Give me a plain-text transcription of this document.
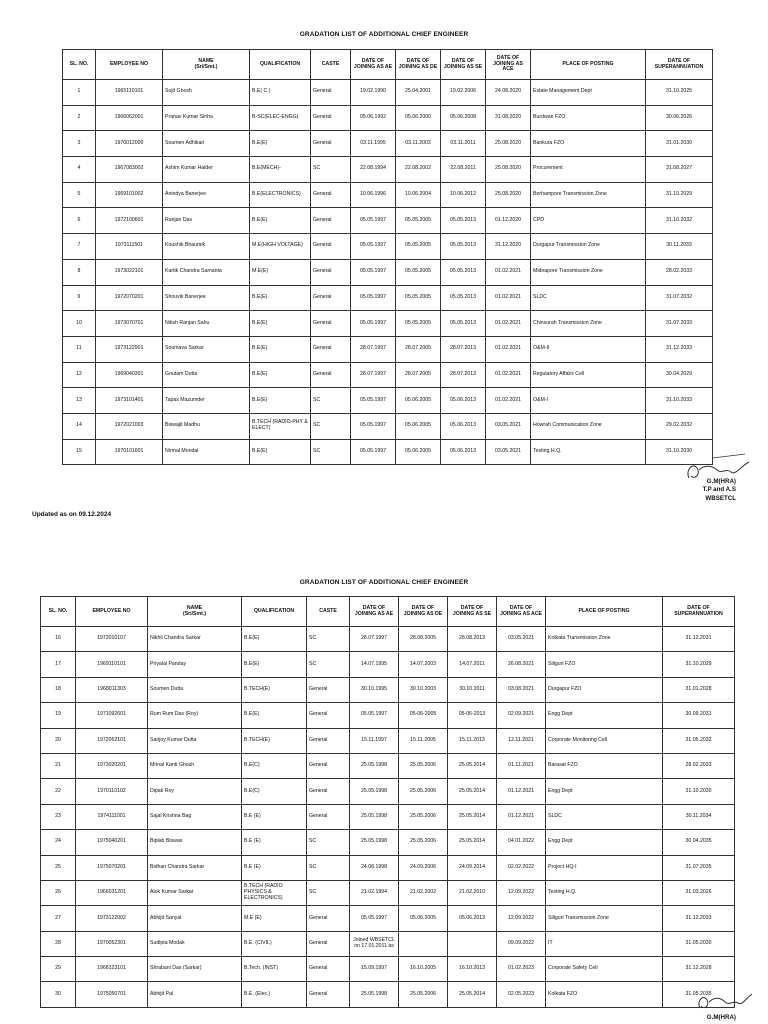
GRADATION LIST OF ADDITIONAL CHIEF ENGINEER
SL. NO.	EMPLOYEE NO	NAME
(Sri/Smt.)	QUALIFICATION	CASTE	DATE OF JOINING AS AE	DATE OF JOINING AS DE	DATE OF JOINING AS SE	DATE OF JOINING AS ACE	PLACE OF POSTING	DATE OF SUPERANNUATION
1	1965110101	Sujit Ghosh	B.E( C )	General	19.02.1990	25.04.2001	19.02.2006	24.08.2020	Estate Management Dept	31.10.2025
2	1966062001	Pranav Kumar Sinha	B-SC(ELEC-ENGG)	General	05.06.1992	05.06.2000	05.06.2008	31.08.2020	Burdwan FZO	30.06.2026
3	1970012000	Soumen Adhikari	B.E(E)	General	03.11.1995	03.11.2003	03.11.2011	25.08.2020	Bankura FZO	31.01.2030
4	1967083002	Ashim Kumar Halder	B.E(MECH)-	SC	22.08.1994	22.08.2002	22.08.2011	25.08.2020	Procurement	31.08.2027
5	1969101002	Anindya Banerjee	B.E(ELECTRONICS)	General	10.06.1996	10.06.2004	10.06.2012	25.08.2020	Berhampore Transmission Zone	31.10.2029
6	1972100601	Ranjan Das	B.E(E)	General	05.05.1997	05.05.2005	05.05.2013	01.12.2020	CPD	31.10.2032
7	1973111501	Koushik Bhaumik	M.E(HIGH VOLTAGE)	General	05.05.1997	05.05.2005	05.05.2013	31.12.2020	Durgapur Transmission Zone	30.11.2033
8	1973022101	Kartik Chandra Samanta	M.E(E)	General	05.05.1997	05.05.2005	05.05.2013	01.02.2021	Midnapore Transmission Zone	28.02.2033
9	1972070201	Shouvik Banerjee	B.E(E)	General	05.05.1997	05.05.2005	05.05.2013	01.02.2021	SLDC	31.07.2032
10	1973070701	Nitish Ranjan Sahu	B.E(E)	General	05.05.1997	05.05.2005	05.05.2013	01.02.2021	Chinsurah Transmission Zone	31.07.2033
11	1973122901	Soumava Sarkar	B.E(E)	General	28.07.1997	28.07.2005	28.07.2013	01.02.2021	O&M-II	31.12.2033
12	1969040301	Goutam Dutta	B.E(E)	General	28.07.1997	28.07.2005	28.07.2013	01.02.2021	Regulatory Affairs Cell	30.04.2029
13	1973101401	Tapas Mazumder	B.E(E)	SC	05.05.1997	05.06.2005	05.06.2013	01.02.2021	O&M-I	31.10.2033
14	1972021003	Biswajit Madhu	B.TECH (RADIO-PHY & ELECT)	SC	05.05.1997	05.06.2005	05.06.2013	03.05.2021	Howrah Communication Zone	29.02.2032
15	1970101601	Nirmal Mondal	B.E(E)	SC	05.05.1997	05.06.2005	05.06.2013	03.05.2021	Testing H.Q.	31.10.2030
Updated as on 09.12.2024
G.M(HRA)
T.P and A.S
WBSETCL
GRADATION LIST OF ADDITIONAL CHIEF ENGINEER
SL. NO.	EMPLOYEE NO	NAME
(Sri/Smt.)	QUALIFICATION	CASTE	DATE OF JOINING AS AE	DATE OF JOINING AS DE	DATE OF JOINING AS SE	DATE OF JOINING AS ACE	PLACE OF POSTING	DATE OF SUPERANNUATION
16	1972010107	Nikhil Chandra Sarkar	B.E(E)	SC	28.07.1997	28.08.2005	28.08.2013	03.05.2021	Kolkata Transmission Zone	31.12.2031
17	1969110101	Priyalal Panday	B.E(E)	SC	14.07.1995	14.07.2003	14.07.2011	26.08.2021	Siliguri FZO	31.10.2029
18	1968011303	Soumen Dutta	B.TECH(E)	General	30.10.1995	30.10.2003	30.10.2011	03.08.2021	Durgapur FZO	31.01.2028
19	1971092601	Rum Rum Das (Roy)	B.E(E)	General	05.05.1997	05-06-2005	05-06-2013	02.09.2021	Engg Dept	30.09.2031
20	1972052101	Sanjoy Kumar Dutta	B.TECH(E)	General	15.11.1997	15.11.2005	15.11.2013	12.11.2021	Corporate Monitoring Cell	31.05.2032
21	1973020201	Mrinal Kanti Ghosh	B.E(C)	General	25.05.1998	25.05.2006	25.05.2014	01.11.2021	Barasat FZO	28.02.2033
22	1970110102	Dipak Roy	B.E(C)	General	25.05.1998	25.05.2006	25.05.2014	01.12.2021	Engg Dept	31.10.2030
23	1974111001	Sajal Krishna Bag	B.E (E)	General	25.05.1998	25.05.2006	25.05.2014	01.12.2021	SLDC	30.11.2034
24	1975040201	Biplab Biswas	B.E (E)	SC	25.05.1998	25.05.2006	25.05.2014	04.01.2022	Engg Dept	30.04.2035
25	1975070201	Bidhan Chandra Sarkar	B.E (E)	SC	24.08.1998	24.09.2006	24.09.2014	02.02.2022	Project HQ-I	31.07.2035
26	1966031201	Alok Kumar Sarkar	B.TECH (RADIO PHYSICS & ELECTRONICS)	SC	21.02.1994	21.02.2002	21.02.2010	12.09.2022	Testing H.Q.	31.03.2026
27	1973122002	Abhijit Sanyal	M.E (E)	General	05.05.1997	05.06.2005	05.06.2013	12.09.2022	Siliguri Transmission Zone	31.12.2033
28	1970052301	Sudipta Modak	B.E. (CIVIL)	General	Joined WBSETCL on 17.01.2011 as			09.09.2022	IT	31.05.2030
29	1968123101	Shrabani Das (Sarkar)	B.Tech. (INST)	General	15.09.1997	16.10.2005	16.10.2013	01.02.2023	Corporate Safety Cell	31.12.2028
30	1975050701	Abhijit Pal	B.E. (Elec.)	General	25.05.1998	25.05.2006	25.05.2014	02.05.2023	Kolkata FZO	31.05.2035
G.M(HRA)
